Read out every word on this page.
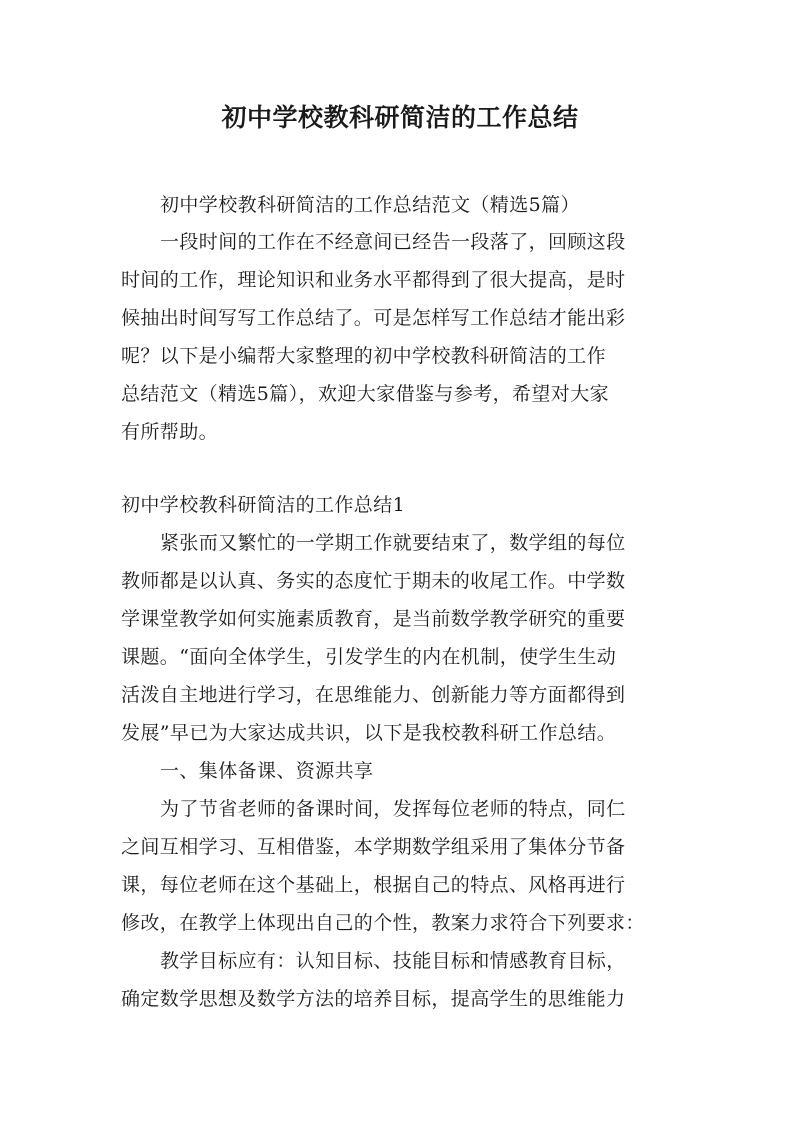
初中学校教科研简洁的工作总结
初中学校教科研简洁的工作总结范文（精选5篇）
一段时间的工作在不经意间已经告一段落了，回顾这段
时间的工作，理论知识和业务水平都得到了很大提高，是时
候抽出时间写写工作总结了。可是怎样写工作总结才能出彩
呢？以下是小编帮大家整理的初中学校教科研简洁的工作
总结范文（精选5篇），欢迎大家借鉴与参考，希望对大家
有所帮助。
初中学校教科研简洁的工作总结1
紧张而又繁忙的一学期工作就要结束了，数学组的每位
教师都是以认真、务实的态度忙于期未的收尾工作。中学数
学课堂教学如何实施素质教育，是当前数学教学研究的重要
课题。“面向全体学生，引发学生的内在机制，使学生生动
活泼自主地进行学习，在思维能力、创新能力等方面都得到
发展”早已为大家达成共识，以下是我校教科研工作总结。
一、集体备课、资源共享
为了节省老师的备课时间，发挥每位老师的特点，同仁
之间互相学习、互相借鉴，本学期数学组采用了集体分节备
课，每位老师在这个基础上，根据自己的特点、风格再进行
修改，在教学上体现出自己的个性，教案力求符合下列要求：
教学目标应有：认知目标、技能目标和情感教育目标，
确定数学思想及数学方法的培养目标，提高学生的思维能力
